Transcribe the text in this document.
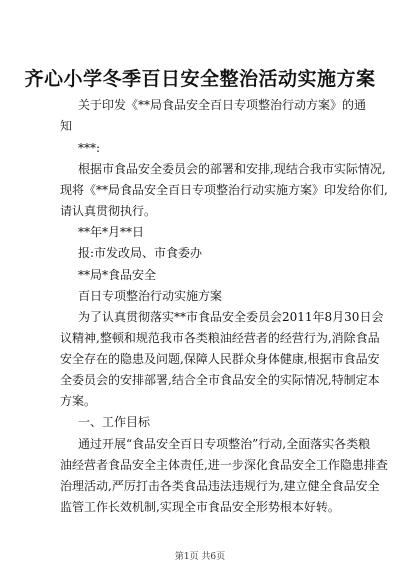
齐心小学冬季百日安全整治活动实施方案
关于印发《**局食品安全百日专项整治行动方案》的通
知
***:
根据市食品安全委员会的部署和安排,现结合我市实际情况,
现将《**局食品安全百日专项整治行动实施方案》印发给你们,
请认真贯彻执行。
**年*月**日
报:市发改局、市食委办
**局*食品安全
百日专项整治行动实施方案
为了认真贯彻落实**市食品安全委员会2011年8月30日会
议精神,整顿和规范我市各类粮油经营者的经营行为,消除食品
安全存在的隐患及问题,保障人民群众身体健康,根据市食品安
全委员会的安排部署,结合全市食品安全的实际情况,特制定本
方案。
一、工作目标
通过开展“食品安全百日专项整治”行动,全面落实各类粮
油经营者食品安全主体责任,进一步深化食品安全工作隐患排查
治理活动,严厉打击各类食品违法违规行为,建立健全食品安全
监管工作长效机制,实现全市食品安全形势根本好转。
第1页 共6页
